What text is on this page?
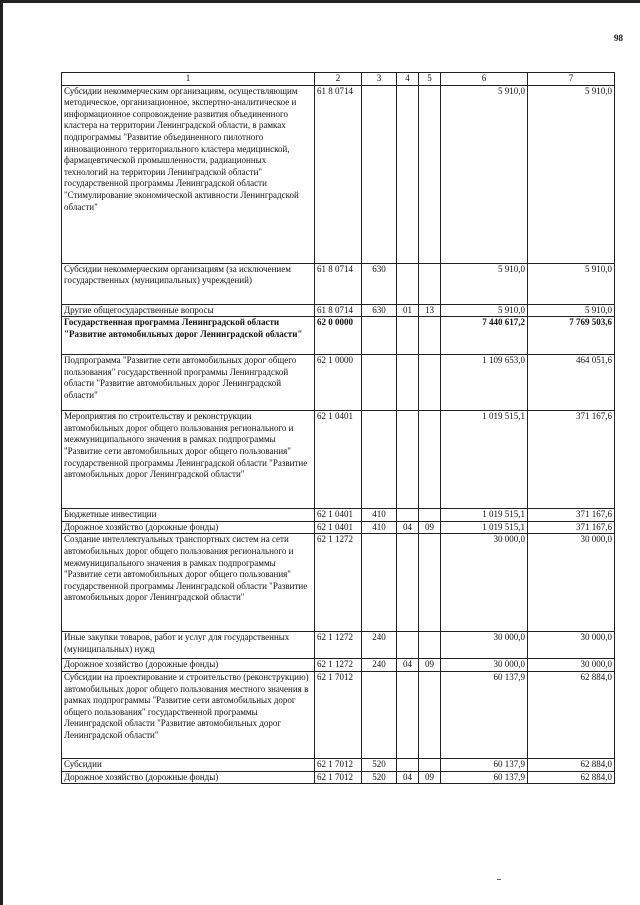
98
1	2	3	4	5	6	7
Субсидии некоммерческим организациям, осуществляющим методическое, организационное, экспертно-аналитическое и информационное сопровождение развития объединенного кластера на территории Ленинградской области, в рамках подпрограммы "Развитие объединенного пилотного инновационного территориального кластера медицинской, фармацевтической промышленности, радиационных технологий на территории Ленинградской области" государственной программы Ленинградской области "Стимулирование экономической активности Ленинградской области"	61 8 0714				5 910,0	5 910,0
Субсидии некоммерческим организациям (за исключением государственных (муниципальных) учреждений)	61 8 0714	630			5 910,0	5 910,0
Другие общегосударственные вопросы	61 8 0714	630	01	13	5 910,0	5 910,0
Государственная программа Ленинградской области "Развитие автомобильных дорог Ленинградской области"	62 0 0000				7 440 617,2	7 769 503,6
Подпрограмма "Развитие сети автомобильных дорог общего пользования" государственной программы Ленинградской области "Развитие автомобильных дорог Ленинградской области"	62 1 0000				1 109 653,0	464 051,6
Мероприятия по строительству и реконструкции автомобильных дорог общего пользования регионального и межмуниципального значения в рамках подпрограммы "Развитие сети автомобильных дорог общего пользования" государственной программы Ленинградской области "Развитие автомобильных дорог Ленинградской области"	62 1 0401				1 019 515,1	371 167,6
Бюджетные инвестиции	62 1 0401	410			1 019 515,1	371 167,6
Дорожное хозяйство (дорожные фонды)	62 1 0401	410	04	09	1 019 515,1	371 167,6
Создание интеллектуальных транспортных систем на сети автомобильных дорог общего пользования регионального и межмуниципального значения в рамках подпрограммы "Развитие сети автомобильных дорог общего пользования" государственной программы Ленинградской области "Развитие автомобильных дорог Ленинградской области"	62 1 1272				30 000,0	30 000,0
Иные закупки товаров, работ и услуг для государственных (муниципальных) нужд	62 1 1272	240			30 000,0	30 000,0
Дорожное хозяйство (дорожные фонды)	62 1 1272	240	04	09	30 000,0	30 000,0
Субсидии на проектирование и строительство (реконструкцию) автомобильных дорог общего пользования местного значения в рамках подпрограммы "Развитие сети автомобильных дорог общего пользования" государственной программы Ленинградской области "Развитие автомобильных дорог Ленинградской области"	62 1 7012				60 137,9	62 884,0
Субсидии	62 1 7012	520			60 137,9	62 884,0
Дорожное хозяйство (дорожные фонды)	62 1 7012	520	04	09	60 137,9	62 884,0
